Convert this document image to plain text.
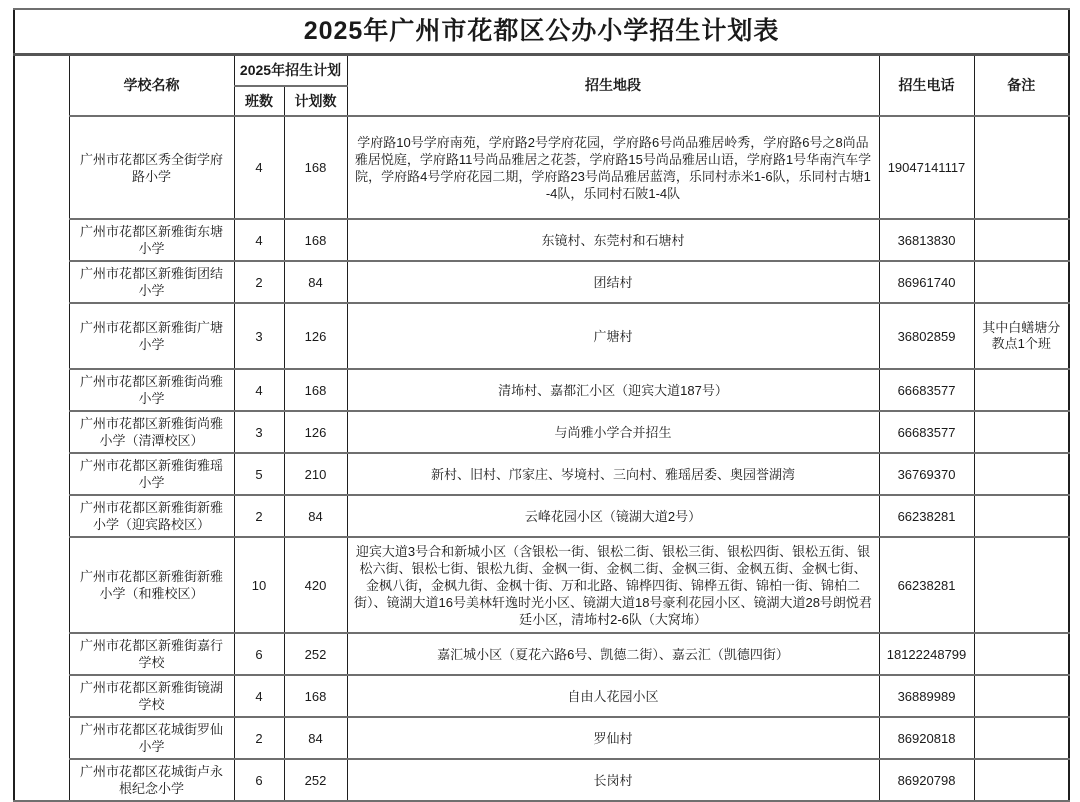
2025年广州市花都区公办小学招生计划表						
	学校名称	2025年招生计划		招生地段	招生电话	备注
		班数	计划数			
	广州市花都区秀全街学府路小学	4	168	学府路10号学府南苑，学府路2号学府花园，学府路6号尚品雅居岭秀，学府路6号之8尚品雅居悦庭，学府路11号尚品雅居之花荟，学府路15号尚品雅居山语，学府路1号华南汽车学院，学府路4号学府花园二期，学府路23号尚品雅居蓝湾，乐同村赤米1-6队，乐同村古塘1-4队，乐同村石陂1-4队	19047141117	
	广州市花都区新雅街东塘小学	4	168	东镜村、东莞村和石塘村	36813830	
	广州市花都区新雅街团结小学	2	84	团结村	86961740	
	广州市花都区新雅街广塘小学	3	126	广塘村	36802859	其中白蟮塘分教点1个班
	广州市花都区新雅街尚雅小学	4	168	清㘵村、嘉都汇小区（迎宾大道187号）	66683577	
	广州市花都区新雅街尚雅小学（清潭校区）	3	126	与尚雅小学合并招生	66683577	
	广州市花都区新雅街雅瑶小学	5	210	新村、旧村、邝家庄、岑境村、三向村、雅瑶居委、奥园誉湖湾	36769370	
	广州市花都区新雅街新雅小学（迎宾路校区）	2	84	云峰花园小区（镜湖大道2号）	66238281	
	广州市花都区新雅街新雅小学（和雅校区）	10	420	迎宾大道3号合和新城小区（含银松一街、银松二街、银松三街、银松四街、银松五街、银松六街、银松七街、银松九街、金枫一街、金枫二街、金枫三街、金枫五街、金枫七街、金枫八街，金枫九街、金枫十街、万和北路、锦桦四街、锦桦五街、锦柏一街、锦柏二街）、镜湖大道16号美林轩逸时光小区、镜湖大道18号豪利花园小区、镜湖大道28号朗悦君廷小区，清㘵村2-6队（大窝㘵）	66238281	
	广州市花都区新雅街嘉行学校	6	252	嘉汇城小区（夏花六路6号、凯德二街）、嘉云汇（凯德四街）	18122248799	
	广州市花都区新雅街镜湖学校	4	168	自由人花园小区	36889989	
	广州市花都区花城街罗仙小学	2	84	罗仙村	86920818	
	广州市花都区花城街卢永根纪念小学	6	252	长岗村	86920798	
